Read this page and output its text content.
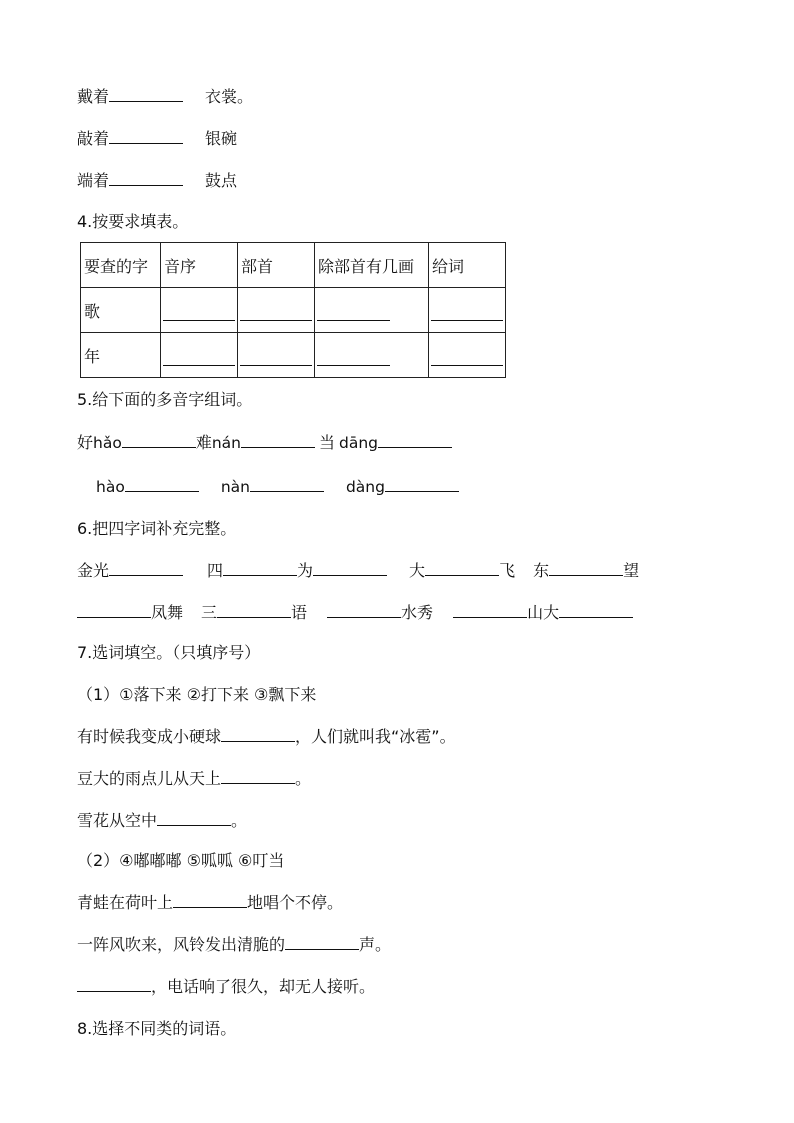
戴着	衣裳。
敲着	银碗
端着	鼓点
4.按要求填表。
要查的字	音序	部首	除部首有几画	给词
歌	

年	

5.给下面的多音字组词。
好hǎo	难nán	当 dāng
hào	nàn	dàng
6.把四字词补充完整。
金光	四	为	大	飞 东	望
凤舞 三	语	水秀	山大
7.选词填空。（只填序号）
（1）①落下来 ②打下来 ③飘下来
有时候我变成小硬球	，人们就叫我“冰雹”。
豆大的雨点儿从天上	。
雪花从空中	。
（2）④嘟嘟嘟 ⑤呱呱 ⑥叮当
青蛙在荷叶上	地唱个不停。
一阵风吹来，风铃发出清脆的	声。
，电话响了很久，却无人接听。
8.选择不同类的词语。
